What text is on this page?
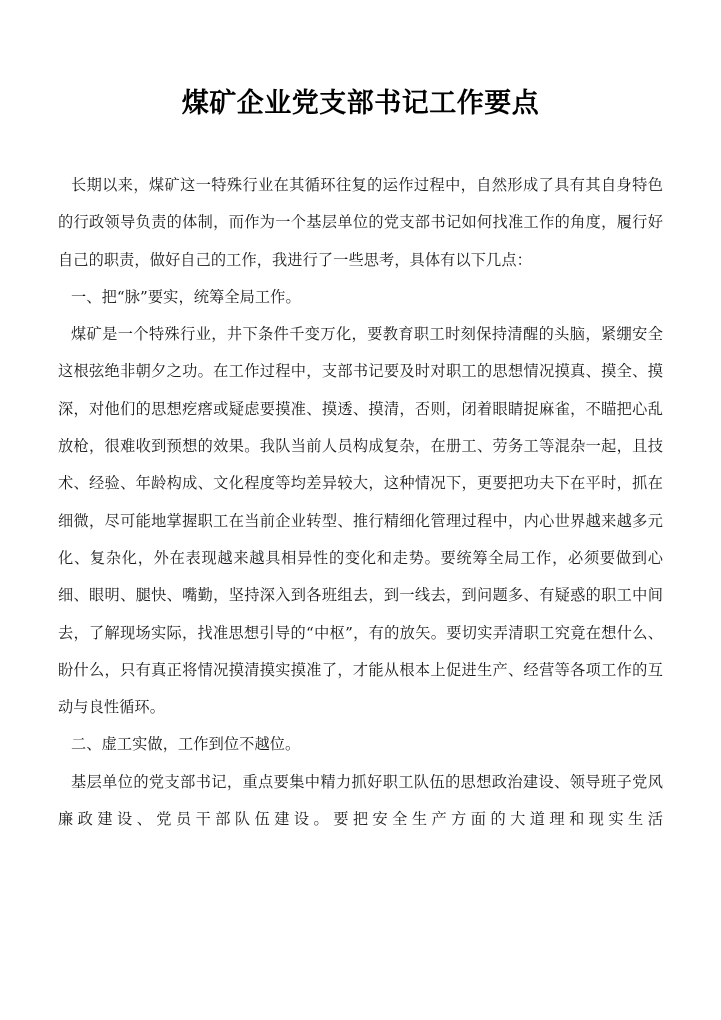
煤矿企业党支部书记工作要点

长期以来，煤矿这一特殊行业在其循环往复的运作过程中，自然形成了具有其自身特色的行政领导负责的体制，而作为一个基层单位的党支部书记如何找准工作的角度，履行好自己的职责，做好自己的工作，我进行了一些思考，具体有以下几点：

一、把“脉”要实，统筹全局工作。

煤矿是一个特殊行业，井下条件千变万化，要教育职工时刻保持清醒的头脑，紧绷安全这根弦绝非朝夕之功。在工作过程中，支部书记要及时对职工的思想情况摸真、摸全、摸深，对他们的思想疙瘩或疑虑要摸准、摸透、摸清，否则，闭着眼睛捉麻雀，不瞄把心乱放枪，很难收到预想的效果。我队当前人员构成复杂，在册工、劳务工等混杂一起，且技术、经验、年龄构成、文化程度等均差异较大，这种情况下，更要把功夫下在平时，抓在细微，尽可能地掌握职工在当前企业转型、推行精细化管理过程中，内心世界越来越多元化、复杂化，外在表现越来越具相异性的变化和走势。要统筹全局工作，必须要做到心细、眼明、腿快、嘴勤，坚持深入到各班组去，到一线去，到问题多、有疑惑的职工中间去，了解现场实际，找准思想引导的“中枢”，有的放矢。要切实弄清职工究竟在想什么、盼什么，只有真正将情况摸清摸实摸准了，才能从根本上促进生产、经营等各项工作的互动与良性循环。

二、虚工实做，工作到位不越位。

基层单位的党支部书记，重点要集中精力抓好职工队伍的思想政治建设、领导班子党风廉政建设、党员干部队伍建设。要把安全生产方面的大道理和现实生活
